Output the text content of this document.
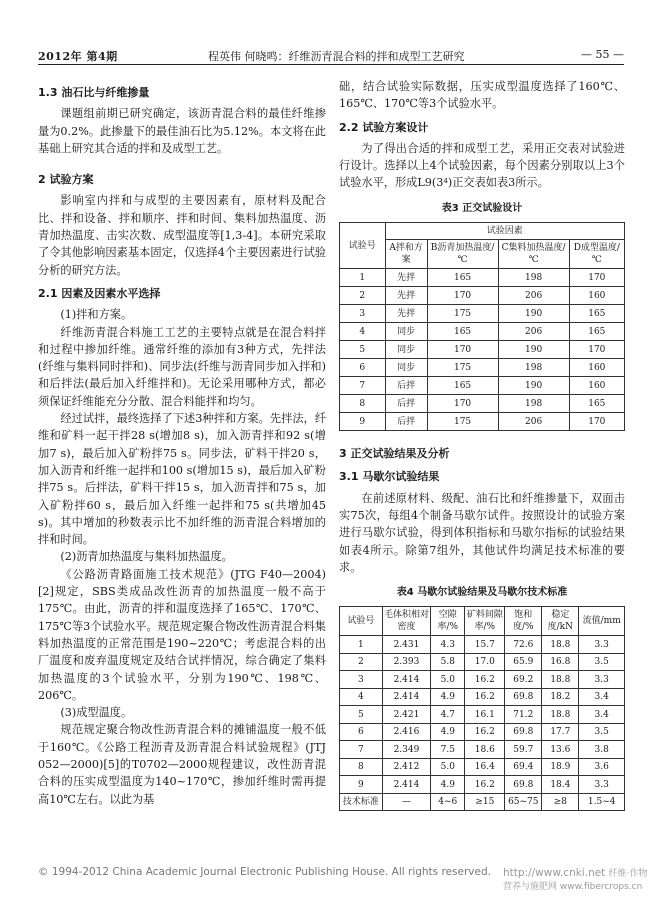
2012年 第4期	程英伟 何晓鸣：纤维沥青混合料的拌和成型工艺研究	— 55 —
1.3 油石比与纤维掺量
课题组前期已研究确定，该沥青混合料的最佳纤维掺量为0.2%。此掺量下的最佳油石比为5.12%。本文将在此基础上研究其合适的拌和及成型工艺。
2 试验方案
影响室内拌和与成型的主要因素有，原材料及配合比、拌和设备、拌和顺序、拌和时间、集料加热温度、沥青加热温度、击实次数、成型温度等[1,3-4]。本研究采取了令其他影响因素基本固定，仅选择4个主要因素进行试验分析的研究方法。
2.1 因素及因素水平选择
(1)拌和方案。
纤维沥青混合料施工工艺的主要特点就是在混合料拌和过程中掺加纤维。通常纤维的添加有3种方式，先拌法(纤维与集料同时拌和)、同步法(纤维与沥青同步加入拌和)和后拌法(最后加入纤维拌和)。无论采用哪种方式，都必须保证纤维能充分分散、混合料能拌和均匀。
经过试拌，最终选择了下述3种拌和方案。先拌法，纤维和矿料一起干拌28 s(增加8 s)，加入沥青拌和92 s(增加7 s)，最后加入矿粉拌75 s。同步法，矿料干拌20 s，加入沥青和纤维一起拌和100 s(增加15 s)，最后加入矿粉拌75 s。后拌法，矿料干拌15 s，加入沥青拌和75 s，加入矿粉拌60 s，最后加入纤维一起拌和75 s(共增加45 s)。其中增加的秒数表示比不加纤维的沥青混合料增加的拌和时间。
(2)沥青加热温度与集料加热温度。
《公路沥青路面施工技术规范》(JTG F40—2004)[2]规定，SBS类成品改性沥青的加热温度一般不高于175℃。由此，沥青的拌和温度选择了165℃、170℃、175℃等3个试验水平。规范规定聚合物改性沥青混合料集料加热温度的正常范围是190~220℃；考虑混合料的出厂温度和废弃温度规定及结合试拌情况，综合确定了集料加热温度的3个试验水平，分别为190℃、198℃、206℃。
(3)成型温度。
规范规定聚合物改性沥青混合料的摊铺温度一般不低于160℃。《公路工程沥青及沥青混合料试验规程》(JTJ 052—2000)[5]的T0702—2000规程建议，改性沥青混合料的压实成型温度为140~170℃，掺加纤维时需再提高10℃左右。以此为基
础，结合试验实际数据，压实成型温度选择了160℃、165℃、170℃等3个试验水平。
2.2 试验方案设计
为了得出合适的拌和成型工艺，采用正交表对试验进行设计。选择以上4个试验因素，每个因素分别取以上3个试验水平，形成L9(3⁴)正交表如表3所示。
表3 正交试验设计
试验号	试验因素			
	A拌和方案	B沥青加热温度/℃	C集料加热温度/℃	D成型温度/℃
1	先拌	165	198	170
2	先拌	170	206	160
3	先拌	175	190	165
4	同步	165	206	165
5	同步	170	190	170
6	同步	175	198	160
7	后拌	165	190	160
8	后拌	170	198	165
9	后拌	175	206	170
3 正交试验结果及分析
3.1 马歇尔试验结果
在前述原材料、级配、油石比和纤维掺量下，双面击实75次，每组4个制备马歇尔试件。按照设计的试验方案进行马歇尔试验，得到体积指标和马歇尔指标的试验结果如表4所示。除第7组外，其他试件均满足技术标准的要求。
表4 马歇尔试验结果及马歇尔技术标准
试验号	毛体积相对密度	空隙率/%	矿料间隙率/%	饱和度/%	稳定度/kN	流值/mm
1	2.431	4.3	15.7	72.6	18.8	3.3
2	2.393	5.8	17.0	65.9	16.8	3.5
3	2.414	5.0	16.2	69.2	18.8	3.3
4	2.414	4.9	16.2	69.8	18.2	3.4
5	2.421	4.7	16.1	71.2	18.8	3.4
6	2.416	4.9	16.2	69.8	17.7	3.5
7	2.349	7.5	18.6	59.7	13.6	3.8
8	2.412	5.0	16.4	69.4	18.9	3.6
9	2.414	4.9	16.2	69.8	18.4	3.3
技术标准	—	4~6	≥15	65~75	≥8	1.5~4
© 1994-2012 China Academic Journal Electronic Publishing House. All rights reserved. http://www.cnki.net 纤维·作物营养与施肥网 www.fibercrops.cn
